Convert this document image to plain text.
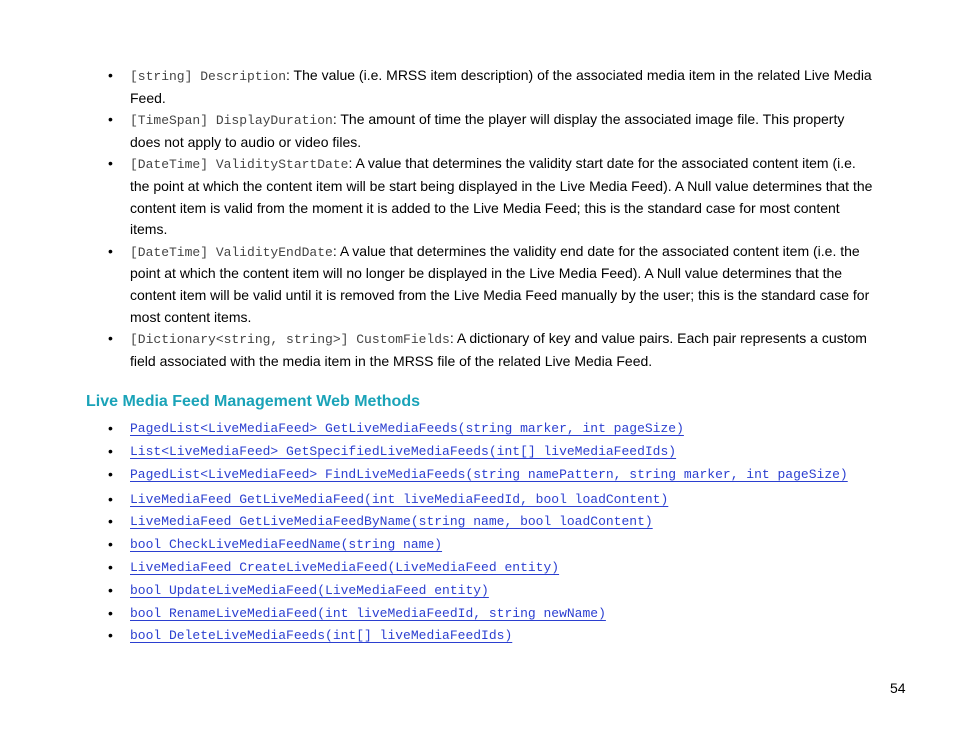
• [string] Description: The value (i.e. MRSS item description) of the associated media item in the related Live Media Feed.
• [TimeSpan] DisplayDuration: The amount of time the player will display the associated image file. This property does not apply to audio or video files.
• [DateTime] ValidityStartDate: A value that determines the validity start date for the associated content item (i.e. the point at which the content item will be start being displayed in the Live Media Feed). A Null value determines that the content item is valid from the moment it is added to the Live Media Feed; this is the standard case for most content items.
• [DateTime] ValidityEndDate: A value that determines the validity end date for the associated content item (i.e. the point at which the content item will no longer be displayed in the Live Media Feed). A Null value determines that the content item will be valid until it is removed from the Live Media Feed manually by the user; this is the standard case for most content items.
• [Dictionary<string, string>] CustomFields: A dictionary of key and value pairs. Each pair represents a custom field associated with the media item in the MRSS file of the related Live Media Feed.
Live Media Feed Management Web Methods
• PagedList<LiveMediaFeed> GetLiveMediaFeeds(string marker, int pageSize)
• List<LiveMediaFeed> GetSpecifiedLiveMediaFeeds(int[] liveMediaFeedIds)
• PagedList<LiveMediaFeed> FindLiveMediaFeeds(string namePattern, string marker, int pageSize)
• LiveMediaFeed GetLiveMediaFeed(int liveMediaFeedId, bool loadContent)
• LiveMediaFeed GetLiveMediaFeedByName(string name, bool loadContent)
• bool CheckLiveMediaFeedName(string name)
• LiveMediaFeed CreateLiveMediaFeed(LiveMediaFeed entity)
• bool UpdateLiveMediaFeed(LiveMediaFeed entity)
• bool RenameLiveMediaFeed(int liveMediaFeedId, string newName)
• bool DeleteLiveMediaFeeds(int[] liveMediaFeedIds)
54
